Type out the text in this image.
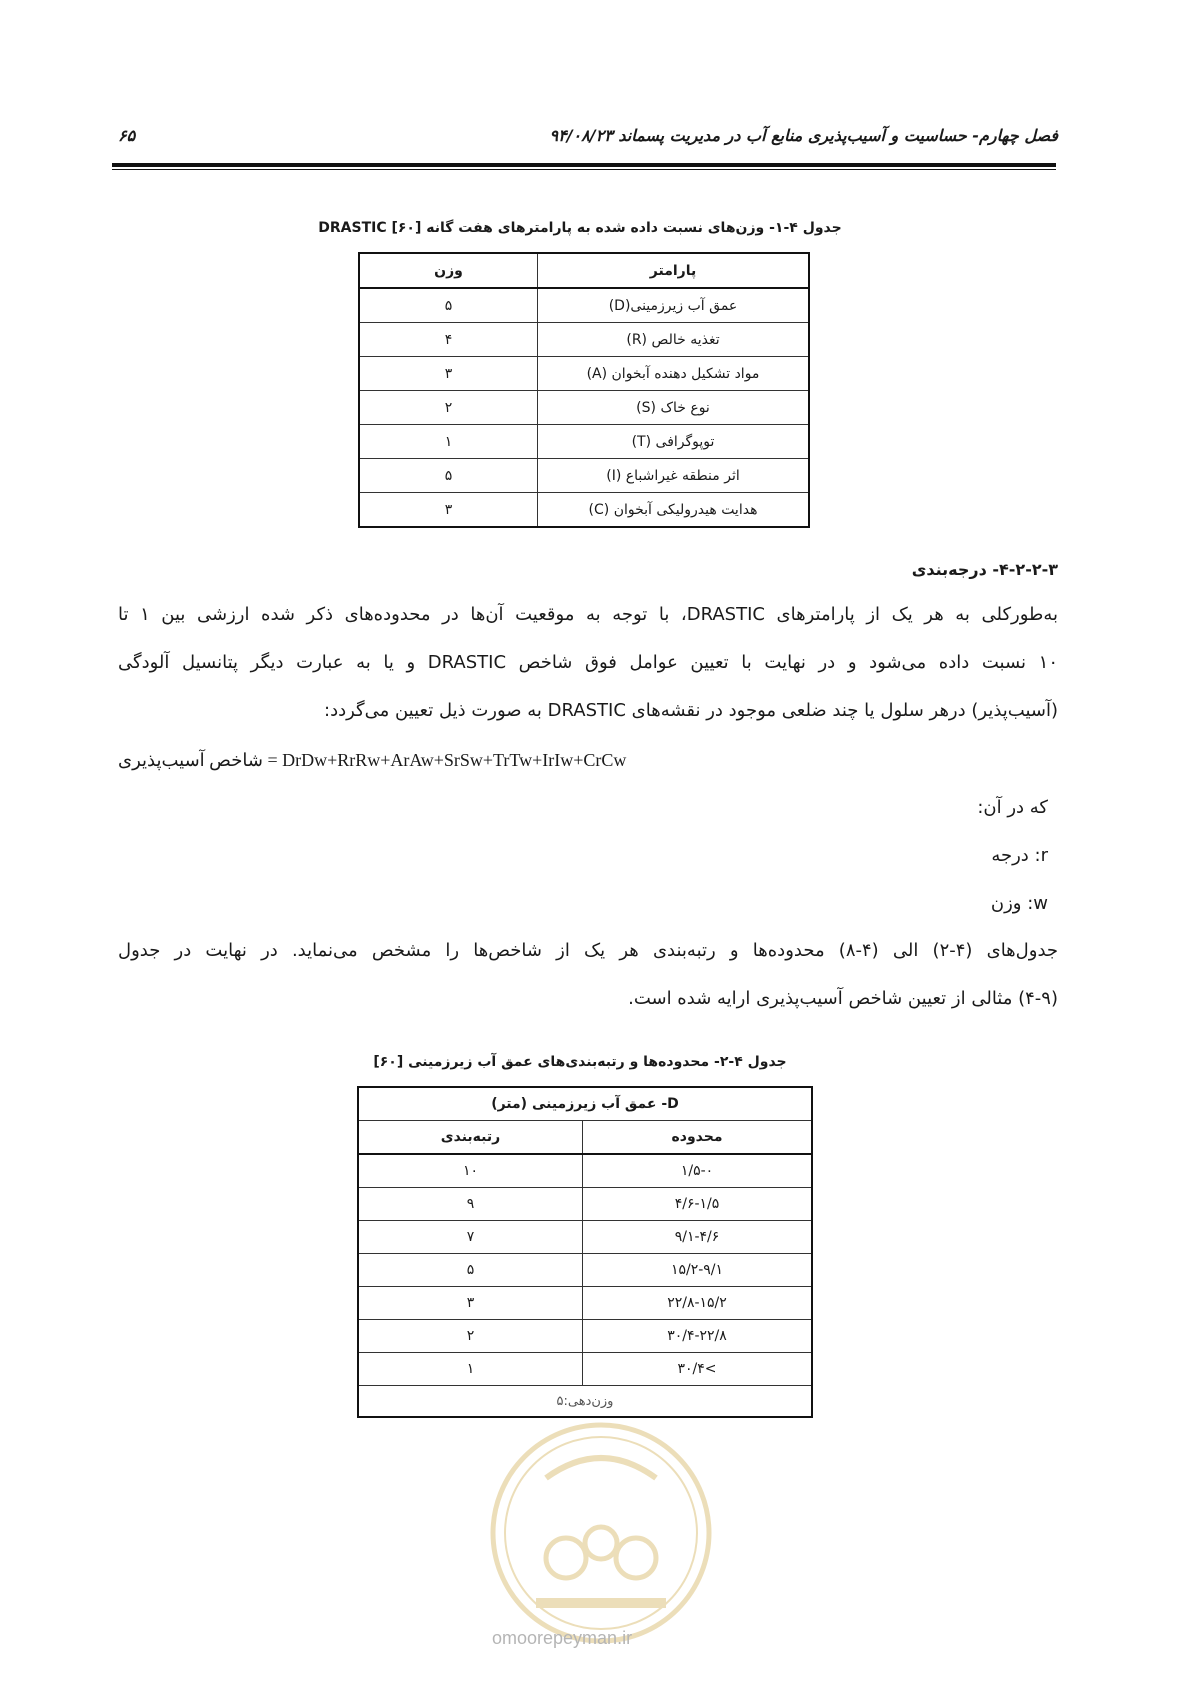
فصل چهارم- حساسیت و آسیب‌پذیری منابع آب در مدیریت پسماند ۹۴/۰۸/۲۳
۶۵
جدول ۴-۱- وزن‌های نسبت داده شده به پارامترهای هفت گانه DRASTIC [۶۰]
پارامتر	وزن
عمق آب زیرزمینی(D)	۵
تغذیه خالص (R)	۴
مواد تشکیل دهنده آبخوان (A)	۳
نوع خاک (S)	۲
توپوگرافی (T)	۱
اثر منطقه غیراشباع (I)	۵
هدایت هیدرولیکی آبخوان (C)	۳
۴-۲-۲-۳- درجه‌بندی
به‌طورکلی به هر یک از پارامترهای DRASTIC، با توجه به موقعیت آن‌ها در محدوده‌های ذکر شده ارزشی بین ۱ تا
۱۰ نسبت داده می‌شود و در نهایت با تعیین عوامل فوق شاخص DRASTIC و یا به عبارت دیگر پتانسیل آلودگی
(آسیب‌پذیر) درهر سلول یا چند ضلعی موجود در نقشه‌های DRASTIC به صورت ذیل تعیین می‌گردد:
شاخص آسیب‌پذیری = DrDw+RrRw+ArAw+SrSw+TrTw+IrIw+CrCw
که در آن:
r: درجه
w: وزن
جدول‌های (۴-۲) الی (۴-۸) محدوده‌ها و رتبه‌بندی هر یک از شاخص‌ها را مشخص می‌نماید. در نهایت در جدول
(۴-۹) مثالی از تعیین شاخص آسیب‌پذیری ارایه شده است.
جدول ۴-۲- محدوده‌ها و رتبه‌بندی‌های عمق آب زیرزمینی [۶۰]
D- عمق آب زیرزمینی (متر)	
محدوده	رتبه‌بندی
۱/۵-۰	۱۰
۴/۶-۱/۵	۹
۹/۱-۴/۶	۷
۱۵/۲-۹/۱	۵
۲۲/۸-۱۵/۲	۳
۳۰/۴-۲۲/۸	۲
>۳۰/۴	۱
وزن‌دهی:۵	
omoorepeyman.ir
